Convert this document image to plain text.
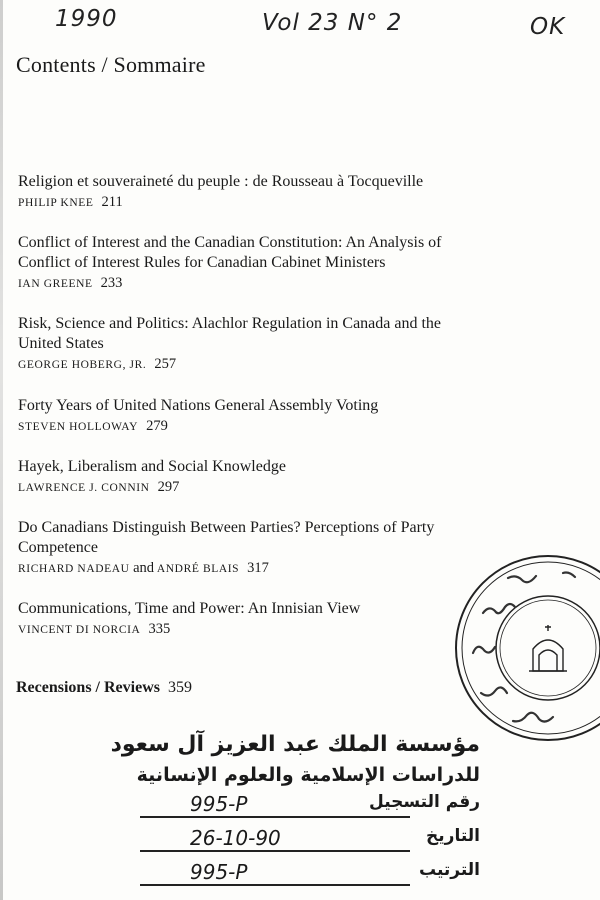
1990	Vol 23 N° 2	OK
Contents / Sommaire
Religion et souveraineté du peuple : de Rousseau à Tocqueville
PHILIP KNEE 211
Conflict of Interest and the Canadian Constitution: An Analysis of
Conflict of Interest Rules for Canadian Cabinet Ministers
IAN GREENE 233
Risk, Science and Politics: Alachlor Regulation in Canada and the
United States
GEORGE HOBERG, JR. 257
Forty Years of United Nations General Assembly Voting
STEVEN HOLLOWAY 279
Hayek, Liberalism and Social Knowledge
LAWRENCE J. CONNIN 297
Do Canadians Distinguish Between Parties? Perceptions of Party
Competence
RICHARD NADEAU and ANDRÉ BLAIS 317
Communications, Time and Power: An Innisian View
VINCENT DI NORCIA 335
Recensions / Reviews 359
مؤسسة الملك عبد العزيز آل سعود
للدراسات الإسلامية والعلوم الإنسانية
رقم التسجيل
995-P
التاريخ
26-10-90
الترتيب
995-P
